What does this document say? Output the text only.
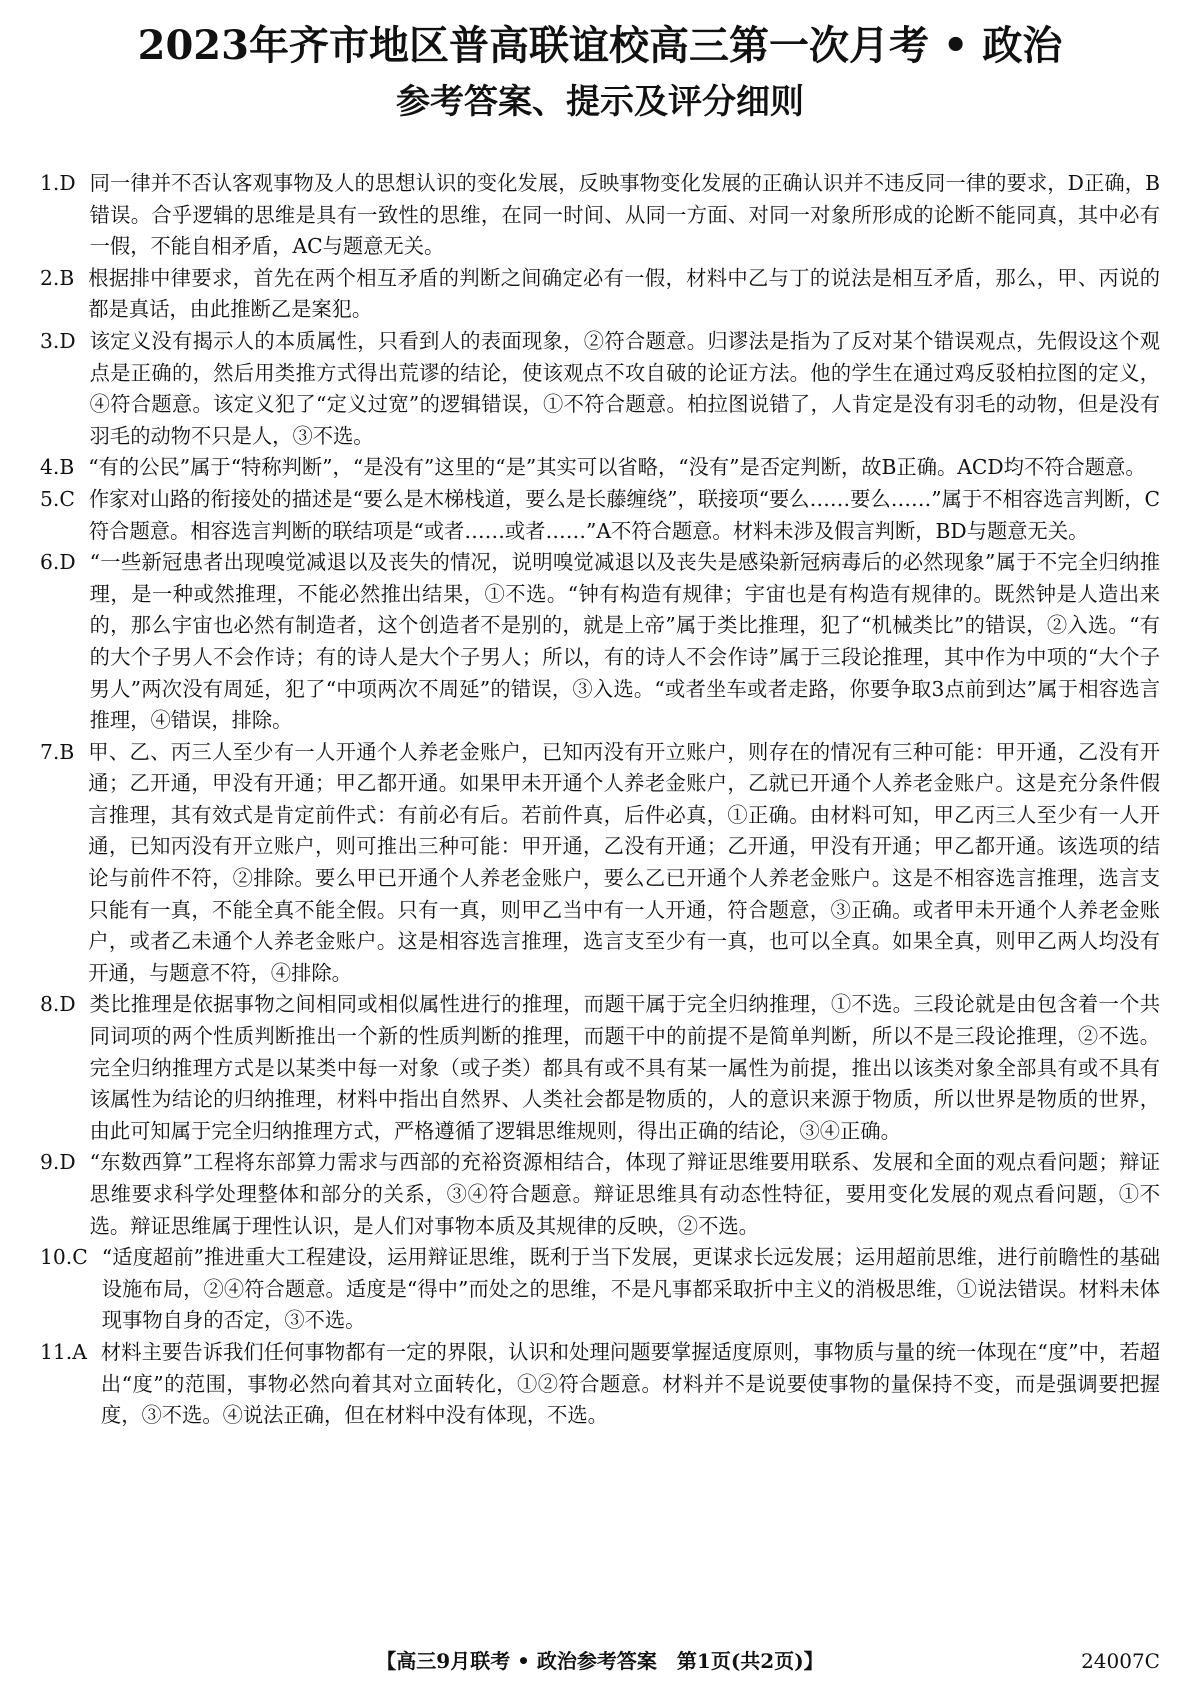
2023年齐市地区普高联谊校高三第一次月考 • 政治
参考答案、提示及评分细则
1. D 同一律并不否认客观事物及人的思想认识的变化发展，反映事物变化发展的正确认识并不违反同一律的要求，D正确，B错误。合乎逻辑的思维是具有一致性的思维，在同一时间、从同一方面、对同一对象所形成的论断不能同真，其中必有一假，不能自相矛盾，AC与题意无关。
2. B 根据排中律要求，首先在两个相互矛盾的判断之间确定必有一假，材料中乙与丁的说法是相互矛盾，那么，甲、丙说的都是真话，由此推断乙是案犯。
3. D 该定义没有揭示人的本质属性，只看到人的表面现象，②符合题意。归谬法是指为了反对某个错误观点，先假设这个观点是正确的，然后用类推方式得出荒谬的结论，使该观点不攻自破的论证方法。他的学生在通过鸡反驳柏拉图的定义，④符合题意。该定义犯了“定义过宽”的逻辑错误，①不符合题意。柏拉图说错了，人肯定是没有羽毛的动物，但是没有羽毛的动物不只是人，③不选。
4. B “有的公民”属于“特称判断”，“是没有”这里的“是”其实可以省略，“没有”是否定判断，故B正确。ACD均不符合题意。
5. C 作家对山路的衔接处的描述是“要么是木梯栈道，要么是长藤缠绕”，联接项“要么……要么……”属于不相容选言判断，C符合题意。相容选言判断的联结项是“或者……或者……”A不符合题意。材料未涉及假言判断，BD与题意无关。
6. D “一些新冠患者出现嗅觉减退以及丧失的情况，说明嗅觉减退以及丧失是感染新冠病毒后的必然现象”属于不完全归纳推理，是一种或然推理，不能必然推出结果，①不选。“钟有构造有规律；宇宙也是有构造有规律的。既然钟是人造出来的，那么宇宙也必然有制造者，这个创造者不是别的，就是上帝”属于类比推理，犯了“机械类比”的错误，②入选。“有的大个子男人不会作诗；有的诗人是大个子男人；所以，有的诗人不会作诗”属于三段论推理，其中作为中项的“大个子男人”两次没有周延，犯了“中项两次不周延”的错误，③入选。“或者坐车或者走路，你要争取3点前到达”属于相容选言推理，④错误，排除。
7. B 甲、乙、丙三人至少有一人开通个人养老金账户，已知丙没有开立账户，则存在的情况有三种可能：甲开通，乙没有开通；乙开通，甲没有开通；甲乙都开通。如果甲未开通个人养老金账户，乙就已开通个人养老金账户。这是充分条件假言推理，其有效式是肯定前件式：有前必有后。若前件真，后件必真，①正确。由材料可知，甲乙丙三人至少有一人开通，已知丙没有开立账户，则可推出三种可能：甲开通，乙没有开通；乙开通，甲没有开通；甲乙都开通。该选项的结论与前件不符，②排除。要么甲已开通个人养老金账户，要么乙已开通个人养老金账户。这是不相容选言推理，选言支只能有一真，不能全真不能全假。只有一真，则甲乙当中有一人开通，符合题意，③正确。或者甲未开通个人养老金账户，或者乙未通个人养老金账户。这是相容选言推理，选言支至少有一真，也可以全真。如果全真，则甲乙两人均没有开通，与题意不符，④排除。
8. D 类比推理是依据事物之间相同或相似属性进行的推理，而题干属于完全归纳推理，①不选。三段论就是由包含着一个共同词项的两个性质判断推出一个新的性质判断的推理，而题干中的前提不是简单判断，所以不是三段论推理，②不选。完全归纳推理方式是以某类中每一对象（或子类）都具有或不具有某一属性为前提，推出以该类对象全部具有或不具有该属性为结论的归纳推理，材料中指出自然界、人类社会都是物质的，人的意识来源于物质，所以世界是物质的世界，由此可知属于完全归纳推理方式，严格遵循了逻辑思维规则，得出正确的结论，③④正确。
9. D “东数西算”工程将东部算力需求与西部的充裕资源相结合，体现了辩证思维要用联系、发展和全面的观点看问题；辩证思维要求科学处理整体和部分的关系，③④符合题意。辩证思维具有动态性特征，要用变化发展的观点看问题，①不选。辩证思维属于理性认识，是人们对事物本质及其规律的反映，②不选。
10. C “适度超前”推进重大工程建设，运用辩证思维，既利于当下发展，更谋求长远发展；运用超前思维，进行前瞻性的基础设施布局，②④符合题意。适度是“得中”而处之的思维，不是凡事都采取折中主义的消极思维，①说法错误。材料未体现事物自身的否定，③不选。
11. A 材料主要告诉我们任何事物都有一定的界限，认识和处理问题要掌握适度原则，事物质与量的统一体现在“度”中，若超出“度”的范围，事物必然向着其对立面转化，①②符合题意。材料并不是说要使事物的量保持不变，而是强调要把握度，③不选。④说法正确，但在材料中没有体现，不选。
【高三9月联考 • 政治参考答案　第1页(共2页)】	24007C
